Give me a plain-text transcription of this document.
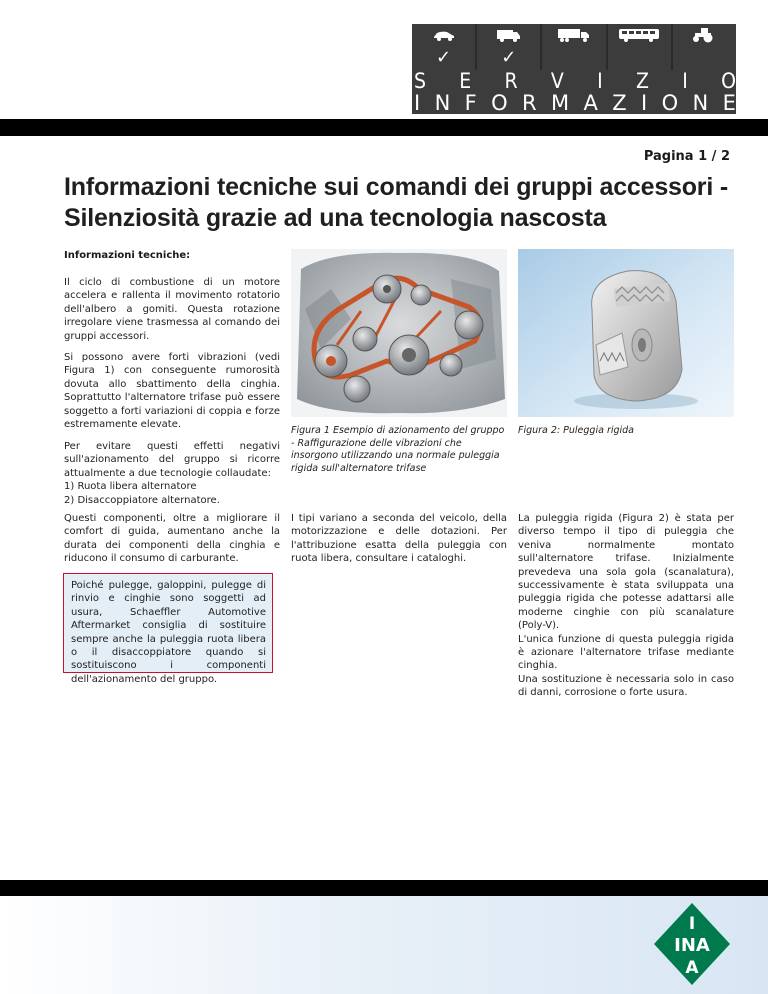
✓	✓
S E R V I Z I O
I N F O R M A Z I O N E
Pagina 1 / 2
Informazioni tecniche sui comandi dei gruppi accessori -
Silenziosità grazie ad una tecnologia nascosta
Informazioni tecniche:

Il ciclo di combustione di un motore accelera e rallenta il movimento rotatorio dell'albero a gomiti. Questa rotazione irregolare viene trasmessa al comando dei gruppi accessori.

Si possono avere forti vibrazioni (vedi Figura 1) con conseguente rumorosità dovuta allo sbattimento della cinghia. Soprattutto l'alternatore trifase può essere soggetto a forti variazioni di coppia e forze estremamente elevate.

Per evitare questi effetti negativi sull'azionamento del gruppo si ricorre attualmente a due tecnologie collaudate:

1) Ruota libera alternatore

2) Disaccoppiatore alternatore.

Questi componenti, oltre a migliorare il comfort di guida, aumentano anche la durata dei componenti della cinghia e riducono il consumo di carburante.

Poiché pulegge, galoppini, pulegge di rinvio e cinghie sono soggetti ad usura, Schaeffler Automotive Aftermarket consiglia di sostituire sempre anche la puleggia ruota libera o il disaccoppiatore quando si sostituiscono i componenti dell'azionamento del gruppo.
Figura 1 Esempio di azionamento del gruppo - Raffigurazione delle vibrazioni che insorgono utilizzando una normale puleggia rigida sull'alternatore trifase

I tipi variano a seconda del veicolo, della motorizzazione e delle dotazioni. Per l'attribuzione esatta della puleggia con ruota libera, consultare i cataloghi.

Figura 2: Puleggia rigida

La puleggia rigida (Figura 2) è stata per diverso tempo il tipo di puleggia che veniva normalmente montato sull'alternatore trifase. Inizialmente prevedeva una sola gola (scanalatura), successivamente è stata sviluppata una puleggia rigida che potesse adattarsi alle moderne cinghie con più scanalature (Poly-V).

L'unica funzione di questa puleggia rigida è azionare l'alternatore trifase mediante cinghia.

Una sostituzione è necessaria solo in caso di danni, corrosione o forte usura.

I
INA
A
